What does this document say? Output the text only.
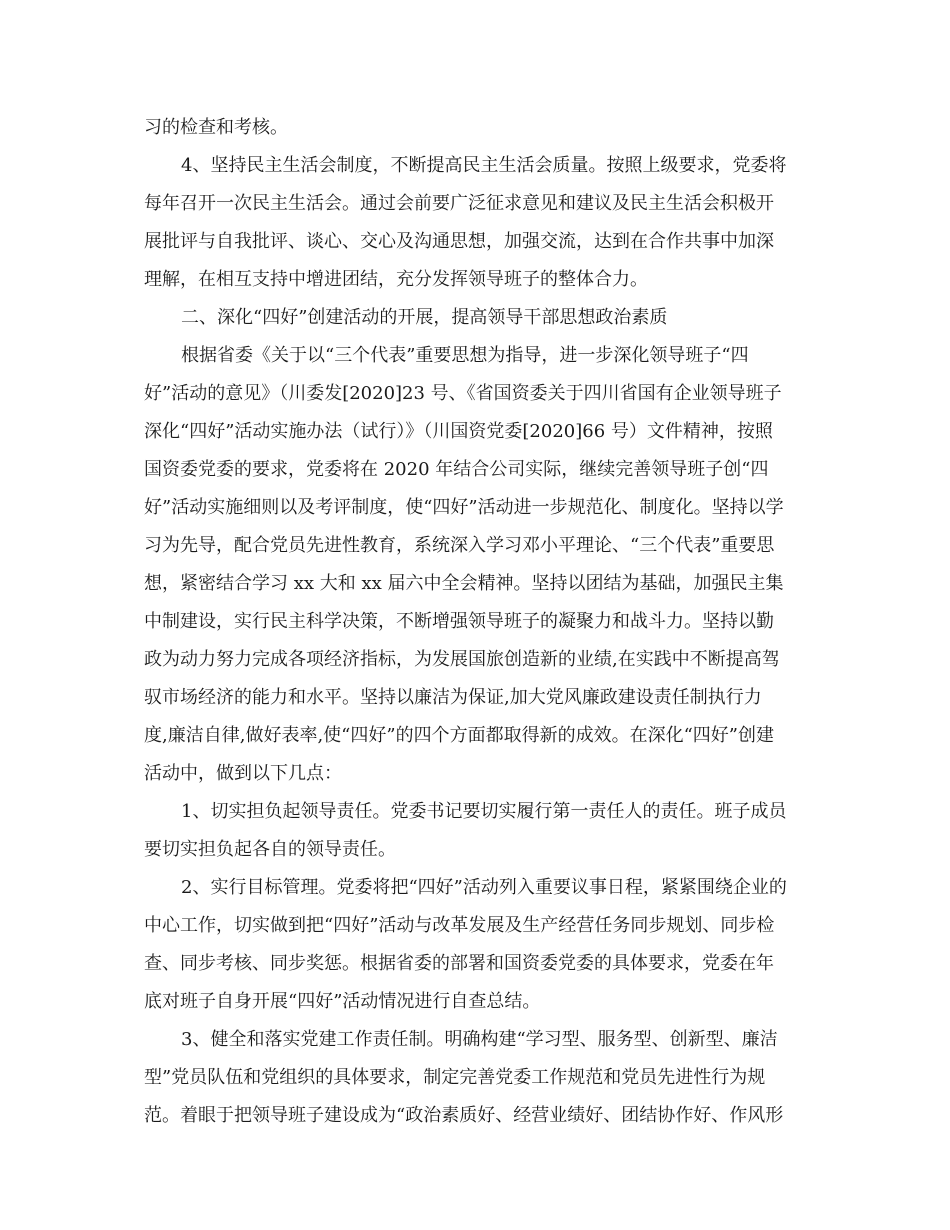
习的检查和考核。

4、坚持民主生活会制度，不断提高民主生活会质量。按照上级要求，党委将

每年召开一次民主生活会。通过会前要广泛征求意见和建议及民主生活会积极开

展批评与自我批评、谈心、交心及沟通思想，加强交流，达到在合作共事中加深

理解，在相互支持中增进团结，充分发挥领导班子的整体合力。

二、深化“四好”创建活动的开展，提高领导干部思想政治素质

根据省委《关于以“三个代表”重要思想为指导，进一步深化领导班子“四

好”活动的意见》（川委发[2020]23 号、《省国资委关于四川省国有企业领导班子

深化“四好”活动实施办法（试行）》（川国资党委[2020]66 号）文件精神，按照

国资委党委的要求，党委将在 2020 年结合公司实际，继续完善领导班子创“四

好”活动实施细则以及考评制度，使“四好”活动进一步规范化、制度化。坚持以学

习为先导，配合党员先进性教育，系统深入学习邓小平理论、“三个代表”重要思

想，紧密结合学习 xx 大和 xx 届六中全会精神。坚持以团结为基础，加强民主集

中制建设，实行民主科学决策，不断增强领导班子的凝聚力和战斗力。坚持以勤

政为动力努力完成各项经济指标，为发展国旅创造新的业绩,在实践中不断提高驾

驭市场经济的能力和水平。坚持以廉洁为保证,加大党风廉政建设责任制执行力

度,廉洁自律,做好表率,使“四好”的四个方面都取得新的成效。在深化“四好”创建

活动中，做到以下几点：

1、切实担负起领导责任。党委书记要切实履行第一责任人的责任。班子成员

要切实担负起各自的领导责任。

2、实行目标管理。党委将把“四好”活动列入重要议事日程，紧紧围绕企业的

中心工作，切实做到把“四好”活动与改革发展及生产经营任务同步规划、同步检

查、同步考核、同步奖惩。根据省委的部署和国资委党委的具体要求，党委在年

底对班子自身开展“四好”活动情况进行自查总结。

3、健全和落实党建工作责任制。明确构建“学习型、服务型、创新型、廉洁

型”党员队伍和党组织的具体要求，制定完善党委工作规范和党员先进性行为规

范。着眼于把领导班子建设成为“政治素质好、经营业绩好、团结协作好、作风形
